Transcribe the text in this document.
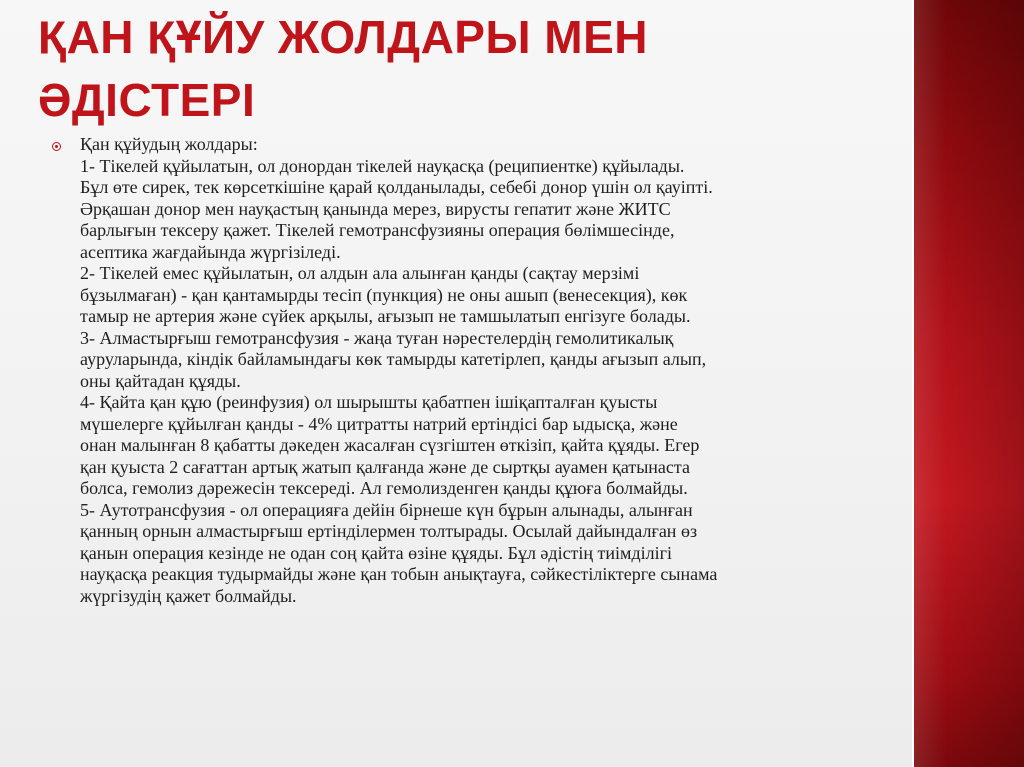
ҚАН ҚҰЙУ ЖОЛДАРЫ МЕН
ӘДІСТЕРІ
Қан құйудың жолдары:
1- Тікелей құйылатын, ол донордан тікелей науқасқа (реципиентке) құйылады.
Бұл өте сирек, тек көрсеткішіне қарай қолданылады, себебі донор үшін ол қауіпті.
Әрқашан донор мен науқастың қанында мерез, вирусты гепатит және ЖИТС
барлығын тексеру қажет. Тікелей гемотрансфузияны операция бөлімшесінде,
асептика жағдайында жүргізіледі.
2- Тікелей емес құйылатын, ол алдын ала алынған қанды (сақтау мерзімі
бұзылмаған) - қан қантамырды тесіп (пункция) не оны ашып (венесекция), көк
тамыр не артерия және сүйек арқылы, ағызып не тамшылатып енгізуге болады.
3- Алмастырғыш гемотрансфузия - жаңа туған нәрестелердің гемолитикалық
ауруларында, кіндік байламындағы көк тамырды катетірлеп, қанды ағызып алып,
оны қайтадан құяды.
4- Қайта қан құю (реинфузия) ол шырышты қабатпен ішіқапталған қуысты
мүшелерге құйылған қанды - 4% цитратты натрий ертіндісі бар ыдысқа, және
онан малынған 8 қабатты дәкеден жасалған сүзгіштен өткізіп, қайта құяды. Егер
қан қуыста 2 сағаттан артық жатып қалғанда және де сыртқы ауамен қатынаста
болса, гемолиз дәрежесін тексереді. Ал гемолизденген қанды құюға болмайды.
5- Аутотрансфузия - ол операцияға дейін бірнеше күн бұрын алынады, алынған
қанның орнын алмастырғыш ертінділермен толтырады. Осылай дайындалған өз
қанын операция кезінде не одан соң қайта өзіне құяды. Бұл әдістің тиімділігі
науқасқа реакция тудырмайды және қан тобын анықтауға, сәйкестіліктерге сынама
жүргізудің қажет болмайды.
